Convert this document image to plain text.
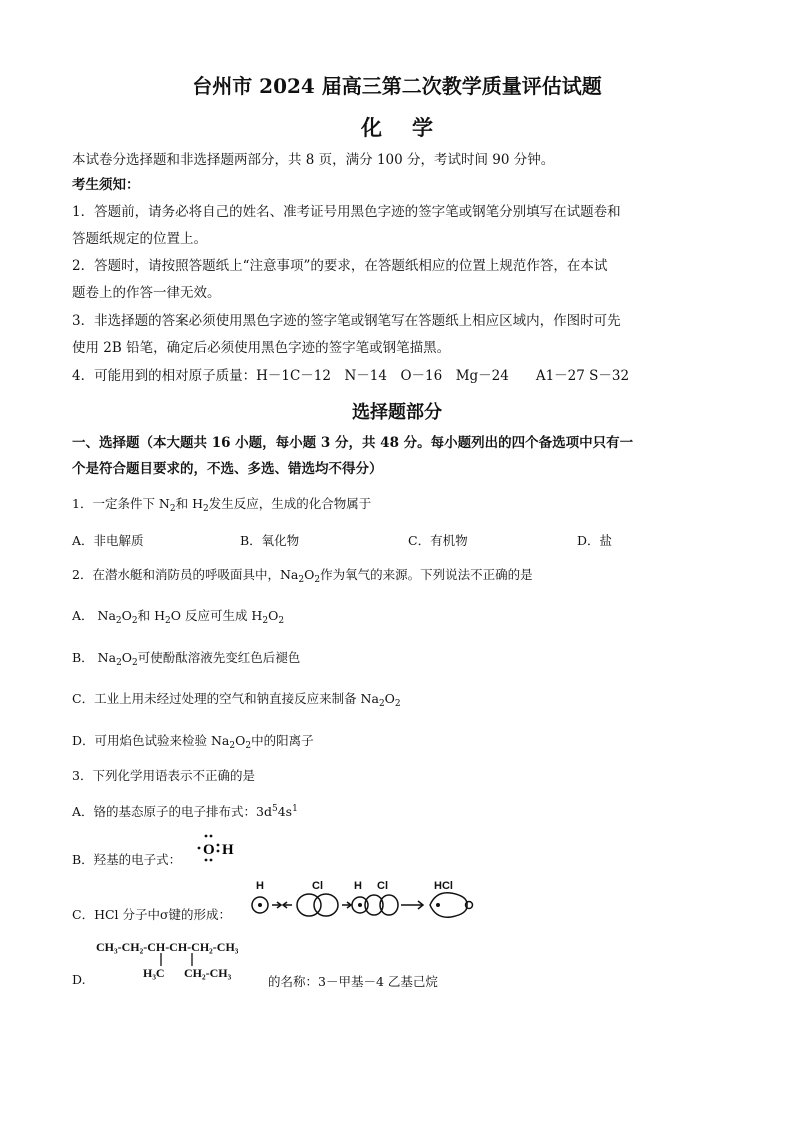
台州市 2024 届高三第二次教学质量评估试题
化学
本试卷分选择题和非选择题两部分，共 8 页，满分 100 分，考试时间 90 分钟。
考生须知：
1．答题前，请务必将自己的姓名、准考证号用黑色字迹的签字笔或钢笔分别填写在试题卷和
答题纸规定的位置上。
2．答题时，请按照答题纸上“注意事项”的要求，在答题纸相应的位置上规范作答，在本试
题卷上的作答一律无效。
3．非选择题的答案必须使用黑色字迹的签字笔或钢笔写在答题纸上相应区域内，作图时可先
使用 2B 铅笔，确定后必须使用黑色字迹的签字笔或钢笔描黑。
4．可能用到的相对原子质量：H－1C－12　N－14　O－16　Mg－24　　A1－27 S－32
选择题部分
一、选择题（本大题共 16 小题，每小题 3 分，共 48 分。每小题列出的四个备选项中只有一
个是符合题目要求的，不选、多选、错选均不得分）
1．一定条件下 $N_2$和 $H_2$发生反应，生成的化合物属于
A．非电解质	B．氧化物	C．有机物	D．盐
2．在潜水艇和消防员的呼吸面具中，$Na_2O_2$作为氧气的来源。下列说法不正确的是
A． $Na_2O_2$和 $H_2O$ 反应可生成 $H_2O_2$
B． $Na_2O_2$可使酚酞溶液先变红色后褪色
C．工业上用未经过处理的空气和钠直接反应来制备 $Na_2O_2$
D．可用焰色试验来检验 $Na_2O_2$中的阳离子
3．下列化学用语表示不正确的是
A．铬的基态原子的电子排布式：$3d^54s^1$
B．羟基的电子式：
O H
C．HCl 分子中σ键的形成：
H	Cl	H Cl	HCl
CH₃-CH₂-CH-CH-CH₂-CH₃
D.	H₃C CH₂-CH₃
的名称：3－甲基－4 乙基己烷
